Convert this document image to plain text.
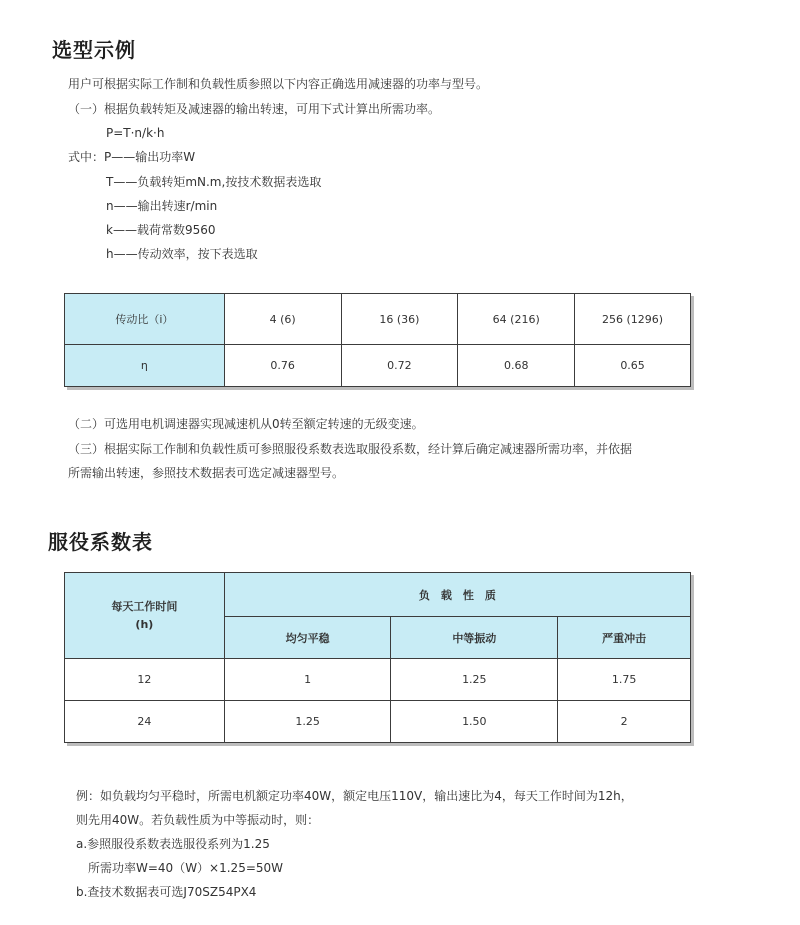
选型示例

用户可根据实际工作制和负载性质参照以下内容正确选用减速器的功率与型号。

（一）根据负载转矩及减速器的输出转速，可用下式计算出所需功率。

P=T·n/k·h

式中：P——输出功率W

T——负载转矩mN.m,按技术数据表选取

n——输出转速r/min

k——载荷常数9560

h——传动效率，按下表选取

传动比（i）	4 (6)	16 (36)	64 (216)	256 (1296)
η	0.76	0.72	0.68	0.65

（二）可选用电机调速器实现减速机从0转至额定转速的无级变速。

（三）根据实际工作制和负载性质可参照服役系数表选取服役系数，经计算后确定减速器所需功率，并依据

所需输出转速，参照技术数据表可选定减速器型号。

服役系数表
每天工作时间
(h)	负　载　性　质		
	均匀平稳	中等振动	严重冲击
12	1	1.25	1.75
24	1.25	1.50	2

例：如负载均匀平稳时，所需电机额定功率40W，额定电压110V，输出速比为4，每天工作时间为12h，

则先用40W。若负载性质为中等振动时，则：

a.参照服役系数表选服役系列为1.25

所需功率W=40（W）×1.25=50W

b.查技术数据表可选J70SZ54PX4
